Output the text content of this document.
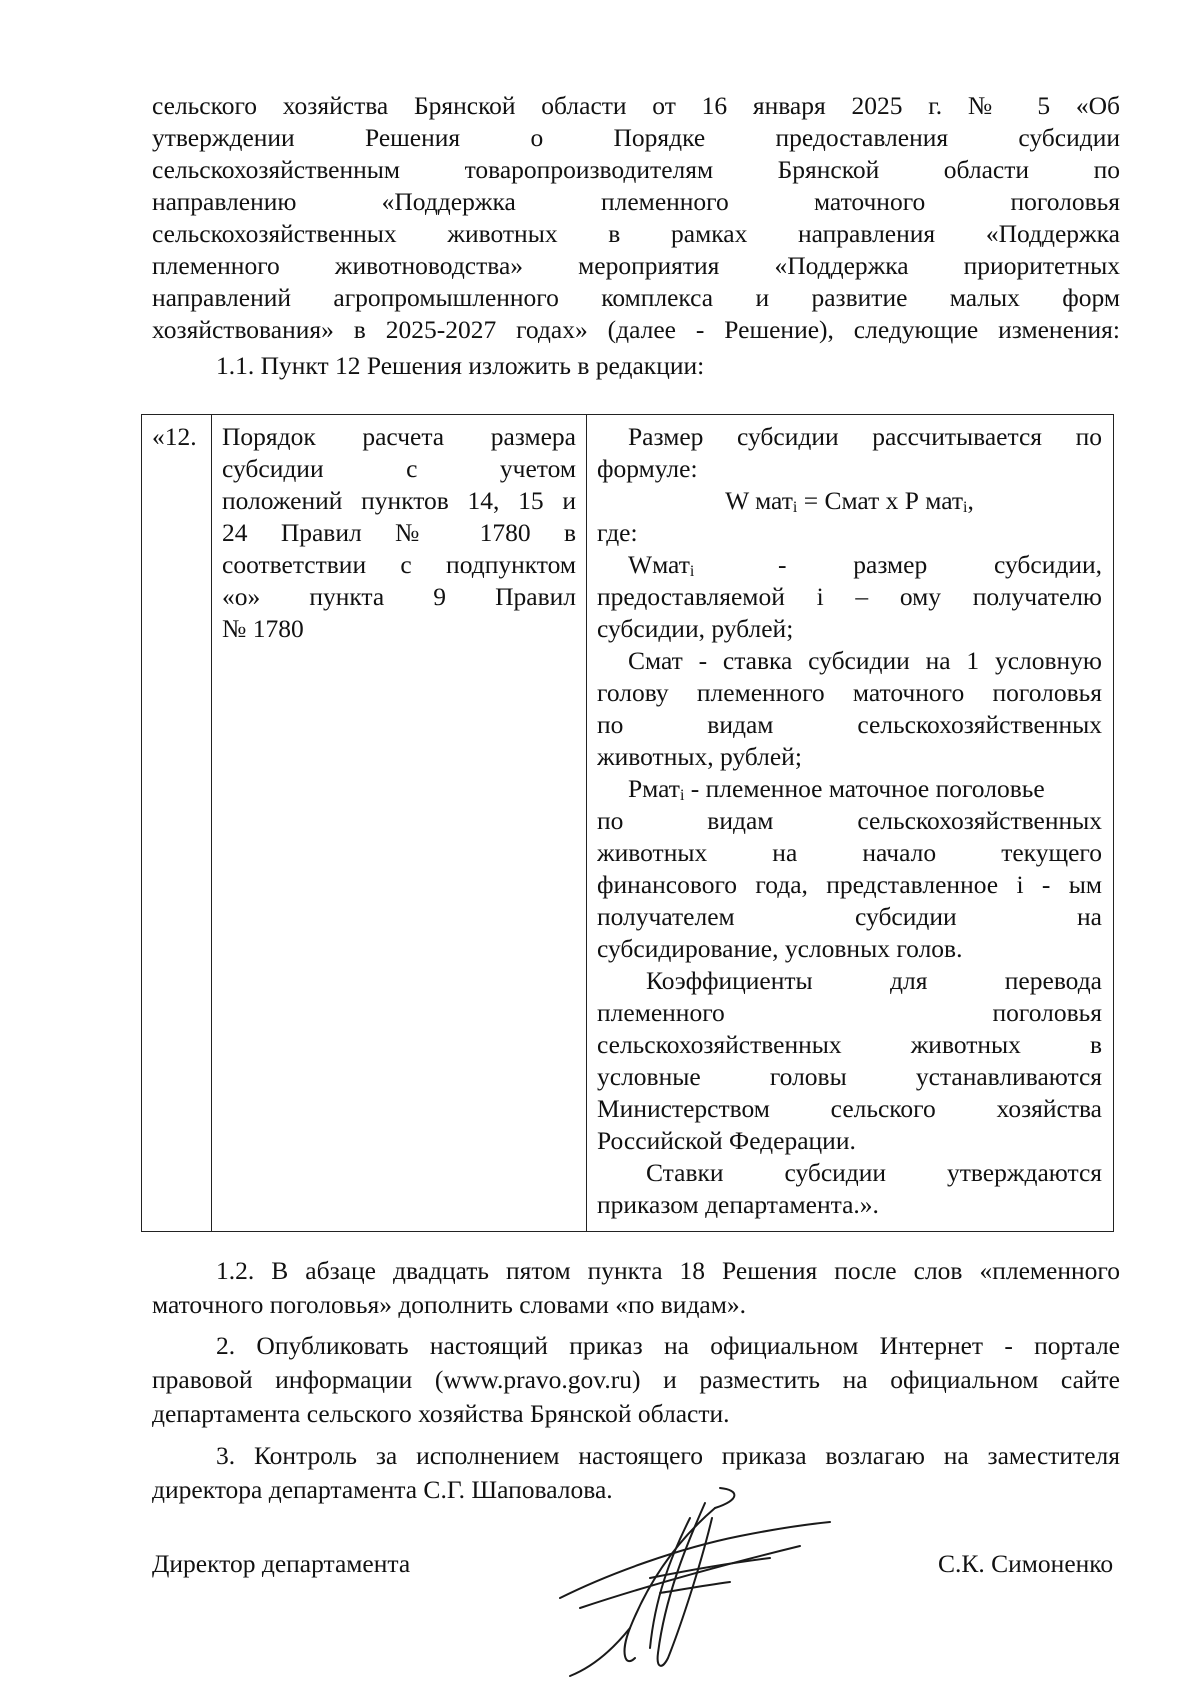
сельского хозяйства Брянской области от 16 января 2025 г. № 5 «Об
утверждении Решения о Порядке предоставления субсидии
сельскохозяйственным товаропроизводителям Брянской области по
направлению «Поддержка племенного маточного поголовья
сельскохозяйственных животных в рамках направления «Поддержка
племенного животноводства» мероприятия «Поддержка приоритетных
направлений агропромышленного комплекса и развитие малых форм
хозяйствования» в 2025-2027 годах» (далее - Решение), следующие изменения:
1.1. Пункт 12 Решения изложить в редакции:
«12. Порядок расчета размера
субсидии с учетом
положений пунктов 14, 15 и
24 Правил № 1780 в
соответствии с подпунктом
«о» пункта 9 Правил
№ 1780
Размер субсидии рассчитывается по
формуле:
W мат$_i$ = Смат х Р мат$_i$,
где:
Wмат$_i$	- размер субсидии,
предоставляемой i – ому получателю
субсидии, рублей;
Смат - ставка субсидии на 1 условную
голову племенного маточного поголовья
по видам сельскохозяйственных
животных, рублей;
Рмат$_i$ - племенное маточное поголовье
по видам сельскохозяйственных
животных на начало текущего
финансового года, представленное i - ым
получателем субсидии на
субсидирование, условных голов.
Коэффициенты для перевода
племенного поголовья
сельскохозяйственных животных в
условные головы устанавливаются
Министерством сельского хозяйства
Российской Федерации.
Ставки субсидии утверждаются
приказом департамента.».
1.2. В абзаце двадцать пятом пункта 18 Решения после слов «племенного
маточного поголовья» дополнить словами «по видам».
2. Опубликовать настоящий приказ на официальном Интернет - портале
правовой информации (www.pravo.gov.ru) и разместить на официальном сайте
департамента сельского хозяйства Брянской области.
3. Контроль за исполнением настоящего приказа возлагаю на заместителя
директора департамента С.Г. Шаповалова.
Директор департамента	С.К. Симоненко
